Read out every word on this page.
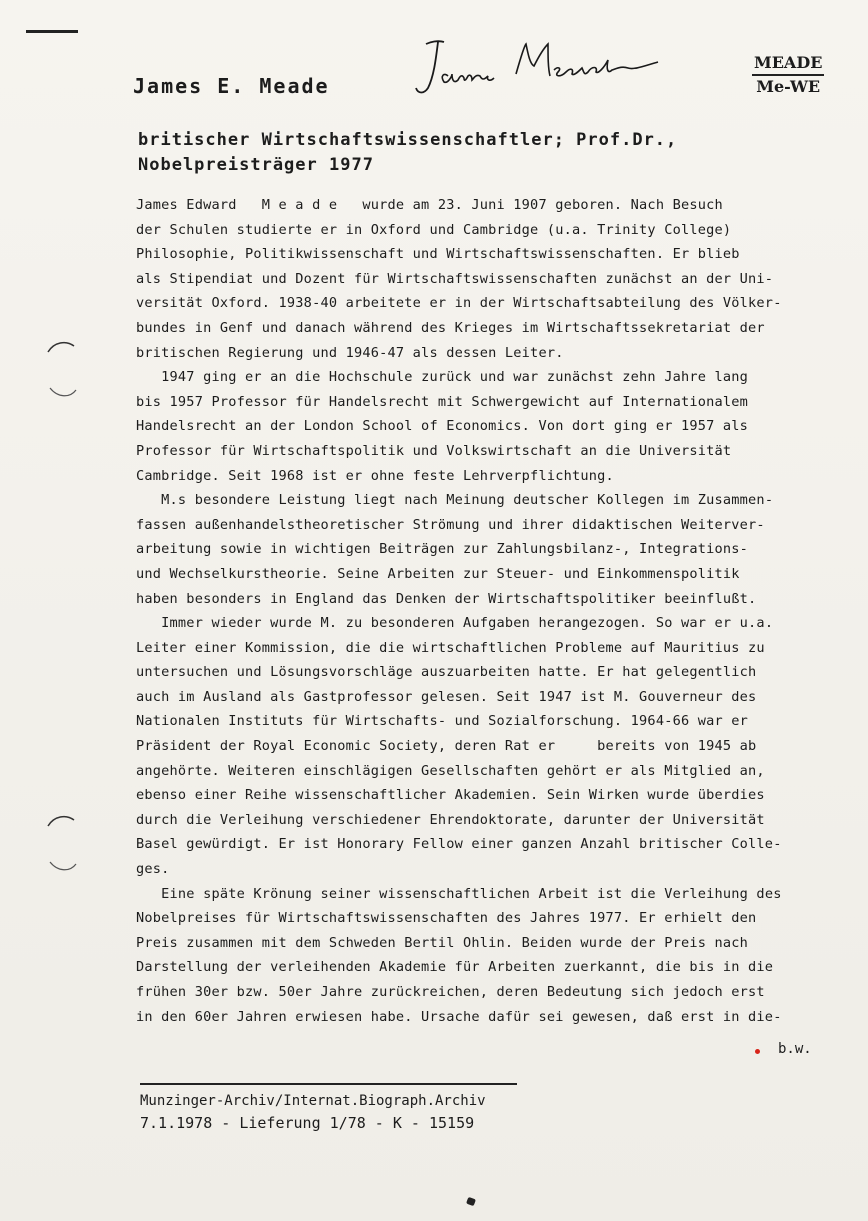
James E. Meade
MEADE
Me-WE
britischer Wirtschaftswissenschaftler; Prof.Dr.,
Nobelpreisträger 1977

James Edward   M e a d e   wurde am 23. Juni 1907 geboren. Nach Besuch
der Schulen studierte er in Oxford und Cambridge (u.a. Trinity College)
Philosophie, Politikwissenschaft und Wirtschaftswissenschaften. Er blieb
als Stipendiat und Dozent für Wirtschaftswissenschaften zunächst an der Uni-
versität Oxford. 1938-40 arbeitete er in der Wirtschaftsabteilung des Völker-
bundes in Genf und danach während des Krieges im Wirtschaftssekretariat der
britischen Regierung und 1946-47 als dessen Leiter.

1947 ging er an die Hochschule zurück und war zunächst zehn Jahre lang
bis 1957 Professor für Handelsrecht mit Schwergewicht auf Internationalem
Handelsrecht an der London School of Economics. Von dort ging er 1957 als
Professor für Wirtschaftspolitik und Volkswirtschaft an die Universität
Cambridge. Seit 1968 ist er ohne feste Lehrverpflichtung.

M.s besondere Leistung liegt nach Meinung deutscher Kollegen im Zusammen-
fassen außenhandelstheoretischer Strömung und ihrer didaktischen Weiterver-
arbeitung sowie in wichtigen Beiträgen zur Zahlungsbilanz-, Integrations-
und Wechselkurstheorie. Seine Arbeiten zur Steuer- und Einkommenspolitik
haben besonders in England das Denken der Wirtschaftspolitiker beeinflußt.

Immer wieder wurde M. zu besonderen Aufgaben herangezogen. So war er u.a.
Leiter einer Kommission, die die wirtschaftlichen Probleme auf Mauritius zu
untersuchen und Lösungsvorschläge auszuarbeiten hatte. Er hat gelegentlich
auch im Ausland als Gastprofessor gelesen. Seit 1947 ist M. Gouverneur des
Nationalen Instituts für Wirtschafts- und Sozialforschung. 1964-66 war er
Präsident der Royal Economic Society, deren Rat er     bereits von 1945 ab
angehörte. Weiteren einschlägigen Gesellschaften gehört er als Mitglied an,
ebenso einer Reihe wissenschaftlicher Akademien. Sein Wirken wurde überdies
durch die Verleihung verschiedener Ehrendoktorate, darunter der Universität
Basel gewürdigt. Er ist Honorary Fellow einer ganzen Anzahl britischer Colle-
ges.

Eine späte Krönung seiner wissenschaftlichen Arbeit ist die Verleihung des
Nobelpreises für Wirtschaftswissenschaften des Jahres 1977. Er erhielt den
Preis zusammen mit dem Schweden Bertil Ohlin. Beiden wurde der Preis nach
Darstellung der verleihenden Akademie für Arbeiten zuerkannt, die bis in die
frühen 30er bzw. 50er Jahre zurückreichen, deren Bedeutung sich jedoch erst
in den 60er Jahren erwiesen habe. Ursache dafür sei gewesen, daß erst in die-

b.w.
Munzinger-Archiv/Internat.Biograph.Archiv
7.1.1978 - Lieferung 1/78 - K - 15159
